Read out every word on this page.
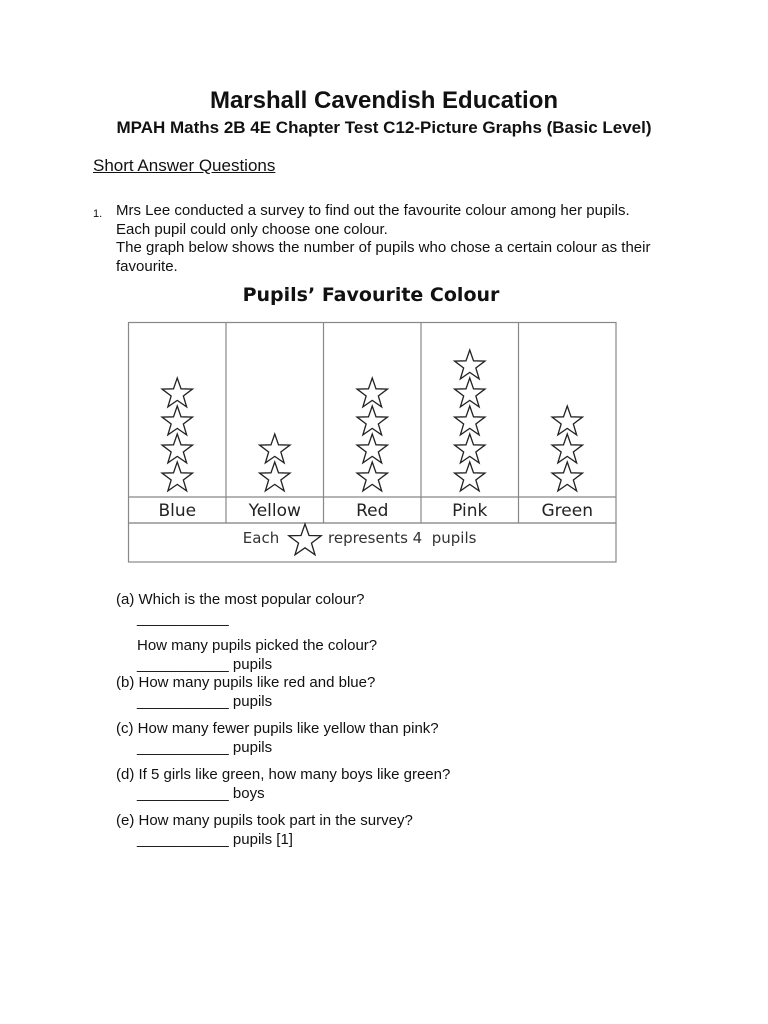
Marshall Cavendish Education
MPAH Maths 2B 4E Chapter Test C12-Picture Graphs (Basic Level)
Short Answer Questions
1. Mrs Lee conducted a survey to find out the favourite colour among her pupils.
Each pupil could only choose one colour.
The graph below shows the number of pupils who chose a certain colour as their
favourite.
Pupils’ Favourite Colour
Blue	Yellow	Red	Pink	Green
Each	represents 4  pupils
(a) Which is the most popular colour?
___________
How many pupils picked the colour?
___________ pupils
(b) How many pupils like red and blue?
___________ pupils
(c) How many fewer pupils like yellow than pink?
___________ pupils
(d) If 5 girls like green, how many boys like green?
___________ boys
(e) How many pupils took part in the survey?
___________ pupils [1]
